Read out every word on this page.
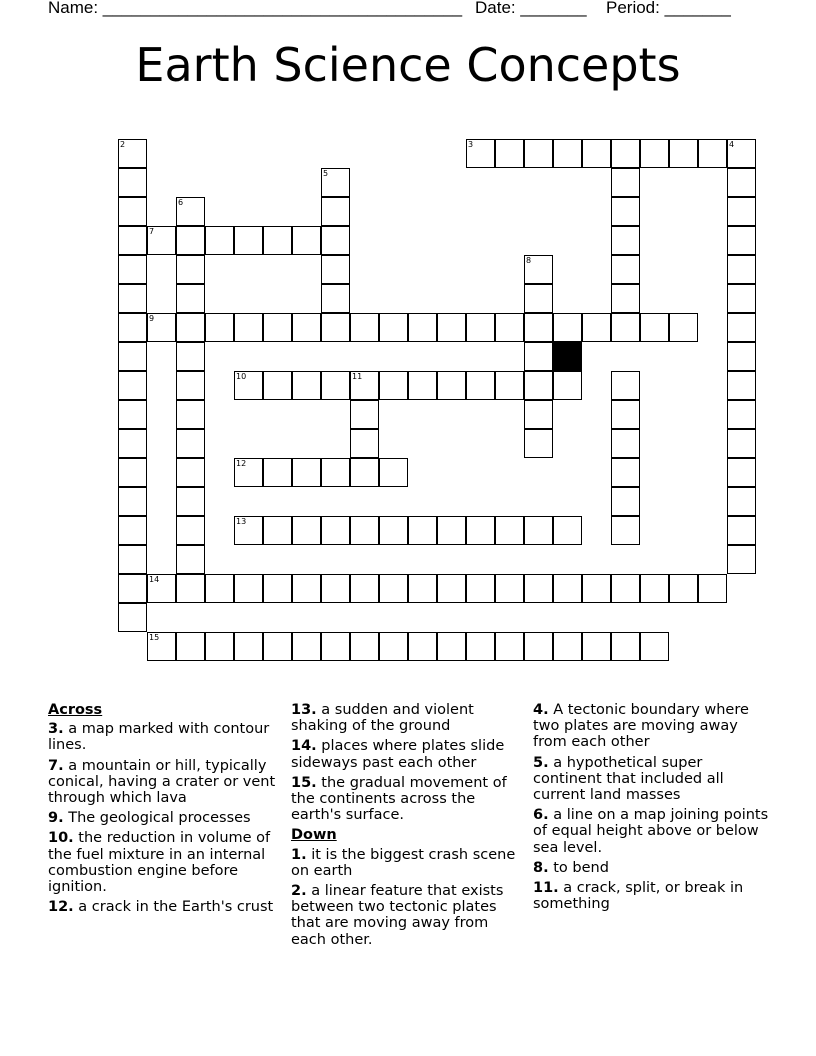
Name: ______________________________________ Date: _______ Period: _______
Earth Science Concepts
2	3	4
5
6
7
8
9
10	11
12
13
14
15
Across
3. a map marked with contour lines.
7. a mountain or hill, typically conical, having a crater or vent through which lava
9. The geological processes
10. the reduction in volume of the fuel mixture in an internal combustion engine before ignition.
12. a crack in the Earth's crust
13. a sudden and violent shaking of the ground
14. places where plates slide sideways past each other
15. the gradual movement of the continents across the earth's surface.
Down
1. it is the biggest crash scene on earth
2. a linear feature that exists between two tectonic plates that are moving away from each other.
4. A tectonic boundary where two plates are moving away from each other
5. a hypothetical super continent that included all current land masses
6. a line on a map joining points of equal height above or below sea level.
8. to bend
11. a crack, split, or break in something
